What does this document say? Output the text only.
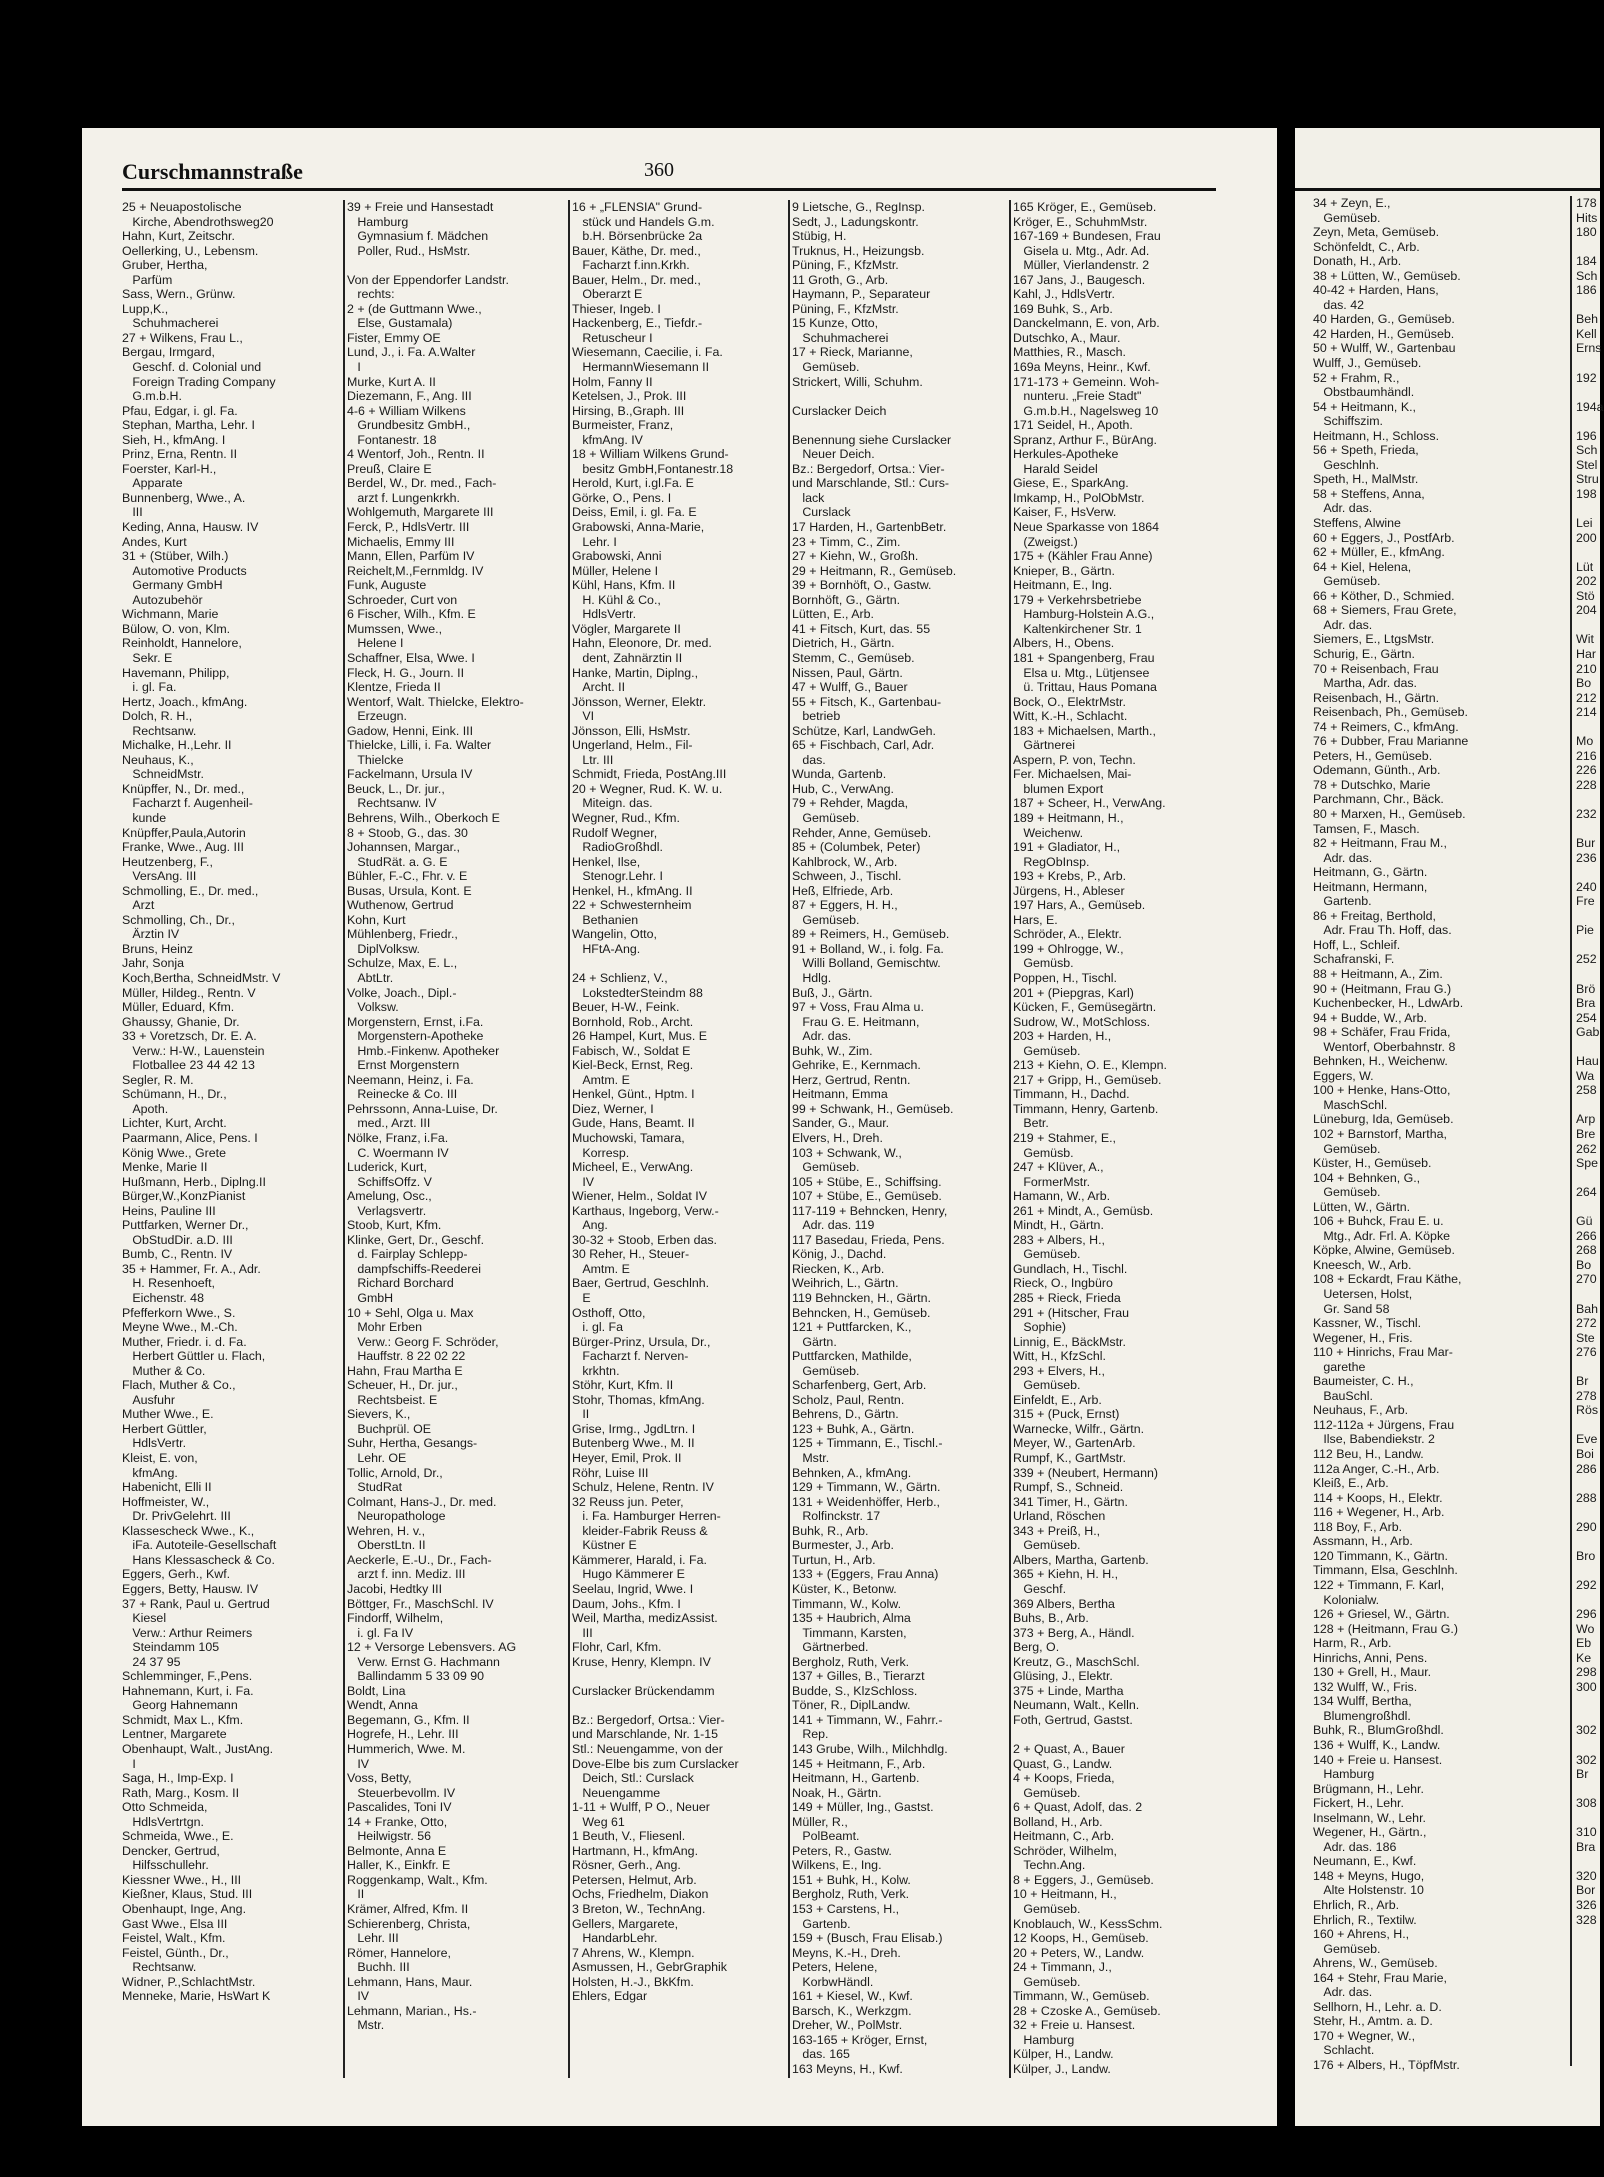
34 + Zeyn, E.,
Gemüseb.
Zeyn, Meta, Gemüseb.
Schönfeldt, C., Arb.
Donath, H., Arb.
38 + Lütten, W., Gemüseb.
40-42 + Harden, Hans,
das. 42
40 Harden, G., Gemüseb.
42 Harden, H., Gemüseb.
50 + Wulff, W., Gartenbau
Wulff, J., Gemüseb.
52 + Frahm, R.,
Obstbaumhändl.
54 + Heitmann, K.,
Schiffszim.
Heitmann, H., Schloss.
56 + Speth, Frieda,
Geschlnh.
Speth, H., MalMstr.
58 + Steffens, Anna,
Adr. das.
Steffens, Alwine
60 + Eggers, J., PostfArb.
62 + Müller, E., kfmAng.
64 + Kiel, Helena,
Gemüseb.
66 + Köther, D., Schmied.
68 + Siemers, Frau Grete,
Adr. das.
Siemers, E., LtgsMstr.
Schurig, E., Gärtn.
70 + Reisenbach, Frau
Martha, Adr. das.
Reisenbach, H., Gärtn.
Reisenbach, Ph., Gemüseb.
74 + Reimers, C., kfmAng.
76 + Dubber, Frau Marianne
Peters, H., Gemüseb.
Odemann, Günth., Arb.
78 + Dutschko, Marie
Parchmann, Chr., Bäck.
80 + Marxen, H., Gemüseb.
Tamsen, F., Masch.
82 + Heitmann, Frau M.,
Adr. das.
Heitmann, G., Gärtn.
Heitmann, Hermann,
Gartenb.
86 + Freitag, Berthold,
Adr. Frau Th. Hoff, das.
Hoff, L., Schleif.
Schafranski, F.
88 + Heitmann, A., Zim.
90 + (Heitmann, Frau G.)
Kuchenbecker, H., LdwArb.
94 + Budde, W., Arb.
98 + Schäfer, Frau Frida,
Wentorf, Oberbahnstr. 8
Behnken, H., Weichenw.
Eggers, W.
100 + Henke, Hans-Otto,
MaschSchl.
Lüneburg, Ida, Gemüseb.
102 + Barnstorf, Martha,
Gemüseb.
Küster, H., Gemüseb.
104 + Behnken, G.,
Gemüseb.
Lütten, W., Gärtn.
106 + Buhck, Frau E. u.
Mtg., Adr. Frl. A. Köpke
Köpke, Alwine, Gemüseb.
Kneesch, W., Arb.
108 + Eckardt, Frau Käthe,
Uetersen, Holst,
Gr. Sand 58
Kassner, W., Tischl.
Wegener, H., Fris.
110 + Hinrichs, Frau Mar-
garethe
Baumeister, C. H.,
BauSchl.
Neuhaus, F., Arb.
112-112a + Jürgens, Frau
Ilse, Babendiekstr. 2
112 Beu, H., Landw.
112a Anger, C.-H., Arb.
Kleiß, E., Arb.
114 + Koops, H., Elektr.
116 + Wegener, H., Arb.
118 Boy, F., Arb.
Assmann, H., Arb.
120 Timmann, K., Gärtn.
Timmann, Elsa, Geschlnh.
122 + Timmann, F. Karl,
Kolonialw.
126 + Griesel, W., Gärtn.
128 + (Heitmann, Frau G.)
Harm, R., Arb.
Hinrichs, Anni, Pens.
130 + Grell, H., Maur.
132 Wulff, W., Fris.
134 Wulff, Bertha,
Blumengroßhdl.
Buhk, R., BlumGroßhdl.
136 + Wulff, K., Landw.
140 + Freie u. Hansest.
Hamburg
Brügmann, H., Lehr.
Fickert, H., Lehr.
Inselmann, W., Lehr.
Wegener, H., Gärtn.,
Adr. das. 186
Neumann, E., Kwf.
148 + Meyns, Hugo,
Alte Holstenstr. 10
Ehrlich, R., Arb.
Ehrlich, R., Textilw.
160 + Ahrens, H.,
Gemüseb.
Ahrens, W., Gemüseb.
164 + Stehr, Frau Marie,
Adr. das.
Sellhorn, H., Lehr. a. D.
Stehr, H., Amtm. a. D.
170 + Wegner, W.,
Schlacht.
176 + Albers, H., TöpfMstr.
178
Hits
180

184
Sch
186

Beh
Kell
Erns

192

194a

196
Sch
Stel
Stru
198

Lei
200

Lüt
202
Stö
204

Wit
Har
210
Bo
212
214

Mo
216
226
228

232

Bur
236

240
Fre

Pie

252

Brö
Bra
254
Gab

Hau
Wa
258

Arp
Bre
262
Spe

264

Gü
266
268
Bo
270

Bah
272
Ste
276

Br
278
Rös

Eve
Boi
286

288

290

Bro

292

296
Wo
Eb
Ke
298
300

302

302
Br

308

310
Bra

320
Bor
326
328
Curschmannstraße	360
25 + Neuapostolische
Kirche, Abendrothsweg20
Hahn, Kurt, Zeitschr.
Oellerking, U., Lebensm.
Gruber, Hertha,
Parfüm
Sass, Wern., Grünw.
Lupp,K.,
Schuhmacherei
27 + Wilkens, Frau L.,
Bergau, Irmgard,
Geschf. d. Colonial und
Foreign Trading Company
G.m.b.H.
Pfau, Edgar, i. gl. Fa.
Stephan, Martha, Lehr. I
Sieh, H., kfmAng. I
Prinz, Erna, Rentn. II
Foerster, Karl-H.,
Apparate
Bunnenberg, Wwe., A.
III
Keding, Anna, Hausw. IV
Andes, Kurt
31 + (Stüber, Wilh.)
Automotive Products
Germany GmbH
Autozubehör
Wichmann, Marie
Bülow, O. von, Klm.
Reinholdt, Hannelore,
Sekr. E
Havemann, Philipp,
i. gl. Fa.
Hertz, Joach., kfmAng.
Dolch, R. H.,
Rechtsanw.
Michalke, H.,Lehr. II
Neuhaus, K.,
SchneidMstr.
Knüpffer, N., Dr. med.,
Facharzt f. Augenheil-
kunde
Knüpffer,Paula,Autorin
Franke, Wwe., Aug. III
Heutzenberg, F.,
VersAng. III
Schmolling, E., Dr. med.,
Arzt
Schmolling, Ch., Dr.,
Ärztin IV
Bruns, Heinz
Jahr, Sonja
Koch,Bertha, SchneidMstr. V
Müller, Hildeg., Rentn. V
Müller, Eduard, Kfm.
Ghaussy, Ghanie, Dr.
33 + Voretzsch, Dr. E. A.
Verw.: H-W., Lauenstein
Flotballee 23 44 42 13
Segler, R. M.
Schümann, H., Dr.,
Apoth.
Lichter, Kurt, Archt.
Paarmann, Alice, Pens. I
König Wwe., Grete
Menke, Marie II
Hußmann, Herb., Diplng.II
Bürger,W.,KonzPianist
Heins, Pauline III
Puttfarken, Werner Dr.,
ObStudDir. a.D. III
Bumb, C., Rentn. IV
35 + Hammer, Fr. A., Adr.
H. Resenhoeft,
Eichenstr. 48
Pfefferkorn Wwe., S.
Meyne Wwe., M.-Ch.
Muther, Friedr. i. d. Fa.
Herbert Güttler u. Flach,
Muther & Co.
Flach, Muther & Co.,
Ausfuhr
Muther Wwe., E.
Herbert Güttler,
HdlsVertr.
Kleist, E. von,
kfmAng.
Habenicht, Elli II
Hoffmeister, W.,
Dr. PrivGelehrt. III
Klassescheck Wwe., K.,
iFa. Autoteile-Gesellschaft
Hans Klessascheck & Co.
Eggers, Gerh., Kwf.
Eggers, Betty, Hausw. IV
37 + Rank, Paul u. Gertrud
Kiesel
Verw.: Arthur Reimers
Steindamm 105
24 37 95
Schlemminger, F.,Pens.
Hahnemann, Kurt, i. Fa.
Georg Hahnemann
Schmidt, Max L., Kfm.
Lentner, Margarete
Obenhaupt, Walt., JustAng.
I
Saga, H., Imp-Exp. I
Rath, Marg., Kosm. II
Otto Schmeida,
HdlsVertrtgn.
Schmeida, Wwe., E.
Dencker, Gertrud,
Hilfsschullehr.
Kiessner Wwe., H., III
Kießner, Klaus, Stud. III
Obenhaupt, Inge, Ang.
Gast Wwe., Elsa III
Feistel, Walt., Kfm.
Feistel, Günth., Dr.,
Rechtsanw.
Widner, P.,SchlachtMstr.
Menneke, Marie, HsWart K
39 + Freie und Hansestadt
Hamburg
Gymnasium f. Mädchen
Poller, Rud., HsMstr.

Von der Eppendorfer Landstr.
rechts:
2 + (de Guttmann Wwe.,
Else, Gustamala)
Fister, Emmy OE
Lund, J., i. Fa. A.Walter
I
Murke, Kurt A. II
Diezemann, F., Ang. III
4-6 + William Wilkens
Grundbesitz GmbH.,
Fontanestr. 18
4 Wentorf, Joh., Rentn. II
Preuß, Claire E
Berdel, W., Dr. med., Fach-
arzt f. Lungenkrkh.
Wohlgemuth, Margarete III
Ferck, P., HdlsVertr. III
Michaelis, Emmy III
Mann, Ellen, Parfüm IV
Reichelt,M.,Fernmldg. IV
Funk, Auguste
Schroeder, Curt von
6 Fischer, Wilh., Kfm. E
Mumssen, Wwe.,
Helene I
Schaffner, Elsa, Wwe. I
Fleck, H. G., Journ. II
Klentze, Frieda II
Wentorf, Walt. Thielcke, Elektro-
Erzeugn.
Gadow, Henni, Eink. III
Thielcke, Lilli, i. Fa. Walter
Thielcke
Fackelmann, Ursula IV
Beuck, L., Dr. jur.,
Rechtsanw. IV
Behrens, Wilh., Oberkoch E
8 + Stoob, G., das. 30
Johannsen, Margar.,
StudRät. a. G. E
Bühler, F.-C., Fhr. v. E
Busas, Ursula, Kont. E
Wuthenow, Gertrud
Kohn, Kurt
Mühlenberg, Friedr.,
DiplVolksw.
Schulze, Max, E. L.,
AbtLtr.
Volke, Joach., Dipl.-
Volksw.
Morgenstern, Ernst, i.Fa.
Morgenstern-Apotheke
Hmb.-Finkenw. Apotheker
Ernst Morgenstern
Neemann, Heinz, i. Fa.
Reinecke & Co. III
Pehrssonn, Anna-Luise, Dr.
med., Arzt. III
Nölke, Franz, i.Fa.
C. Woermann IV
Luderick, Kurt,
SchiffsOffz. V
Amelung, Osc.,
Verlagsvertr.
Stoob, Kurt, Kfm.
Klinke, Gert, Dr., Geschf.
d. Fairplay Schlepp-
dampfschiffs-Reederei
Richard Borchard
GmbH
10 + Sehl, Olga u. Max
Mohr Erben
Verw.: Georg F. Schröder,
Hauffstr. 8 22 02 22
Hahn, Frau Martha E
Scheuer, H., Dr. jur.,
Rechtsbeist. E
Sievers, K.,
Buchprül. OE
Suhr, Hertha, Gesangs-
Lehr. OE
Tollic, Arnold, Dr.,
StudRat
Colmant, Hans-J., Dr. med.
Neuropathologe
Wehren, H. v.,
OberstLtn. II
Aeckerle, E.-U., Dr., Fach-
arzt f. inn. Mediz. III
Jacobi, Hedtky III
Böttger, Fr., MaschSchl. IV
Findorff, Wilhelm,
i. gl. Fa IV
12 + Versorge Lebensvers. AG
Verw. Ernst G. Hachmann
Ballindamm 5 33 09 90
Boldt, Lina
Wendt, Anna
Begemann, G., Kfm. II
Hogrefe, H., Lehr. III
Hummerich, Wwe. M.
IV
Voss, Betty,
Steuerbevollm. IV
Pascalides, Toni IV
14 + Franke, Otto,
Heilwigstr. 56
Belmonte, Anna E
Haller, K., Einkfr. E
Roggenkamp, Walt., Kfm.
II
Krämer, Alfred, Kfm. II
Schierenberg, Christa,
Lehr. III
Römer, Hannelore,
Buchh. III
Lehmann, Hans, Maur.
IV
Lehmann, Marian., Hs.-
Mstr.
16 + „FLENSIA" Grund-
stück und Handels G.m.
b.H. Börsenbrücke 2a
Bauer, Käthe, Dr. med.,
Facharzt f.inn.Krkh.
Bauer, Helm., Dr. med.,
Oberarzt E
Thieser, Ingeb. I
Hackenberg, E., Tiefdr.-
Retuscheur I
Wiesemann, Caecilie, i. Fa.
HermannWiesemann II
Holm, Fanny II
Ketelsen, J., Prok. III
Hirsing, B.,Graph. III
Burmeister, Franz,
kfmAng. IV
18 + William Wilkens Grund-
besitz GmbH,Fontanestr.18
Herold, Kurt, i.gl.Fa. E
Görke, O., Pens. I
Deiss, Emil, i. gl. Fa. E
Grabowski, Anna-Marie,
Lehr. I
Grabowski, Anni
Müller, Helene I
Kühl, Hans, Kfm. II
H. Kühl & Co.,
HdlsVertr.
Vögler, Margarete II
Hahn, Eleonore, Dr. med.
dent, Zahnärztin II
Hanke, Martin, Diplng.,
Archt. II
Jönsson, Werner, Elektr.
VI
Jönsson, Elli, HsMstr.
Ungerland, Helm., Fil-
Ltr. III
Schmidt, Frieda, PostAng.III
20 + Wegner, Rud. K. W. u.
Miteign. das.
Wegner, Rud., Kfm.
Rudolf Wegner,
RadioGroßhdl.
Henkel, Ilse,
Stenogr.Lehr. I
Henkel, H., kfmAng. II
22 + Schwesternheim
Bethanien
Wangelin, Otto,
HFtA-Ang.

24 + Schlienz, V.,
LokstedterSteindm 88
Beuer, H-W., Feink.
Bornhold, Rob., Archt.
26 Hampel, Kurt, Mus. E
Fabisch, W., Soldat E
Kiel-Beck, Ernst, Reg.
Amtm. E
Henkel, Günt., Hptm. I
Diez, Werner, I
Gude, Hans, Beamt. II
Muchowski, Tamara,
Korresp.
Micheel, E., VerwAng.
IV
Wiener, Helm., Soldat IV
Karthaus, Ingeborg, Verw.-
Ang.
30-32 + Stoob, Erben das.
30 Reher, H., Steuer-
Amtm. E
Baer, Gertrud, Geschlnh.
E
Osthoff, Otto,
i. gl. Fa
Bürger-Prinz, Ursula, Dr.,
Facharzt f. Nerven-
krkhtn.
Stöhr, Kurt, Kfm. II
Stohr, Thomas, kfmAng.
II
Grise, Irmg., JgdLtrn. I
Butenberg Wwe., M. II
Heyer, Emil, Prok. II
Röhr, Luise III
Schulz, Helene, Rentn. IV
32 Reuss jun. Peter,
i. Fa. Hamburger Herren-
kleider-Fabrik Reuss &
Küstner E
Kämmerer, Harald, i. Fa.
Hugo Kämmerer E
Seelau, Ingrid, Wwe. I
Daum, Johs., Kfm. I
Weil, Martha, medizAssist.
III
Flohr, Carl, Kfm.
Kruse, Henry, Klempn. IV

Curslacker Brückendamm

Bz.: Bergedorf, Ortsa.: Vier-
und Marschlande, Nr. 1-15
Stl.: Neuengamme, von der
Dove-Elbe bis zum Curslacker
Deich, Stl.: Curslack
Neuengamme
1-11 + Wulff, P O., Neuer
Weg 61
1 Beuth, V., Fliesenl.
Hartmann, H., kfmAng.
Rösner, Gerh., Ang.
Petersen, Helmut, Arb.
Ochs, Friedhelm, Diakon
3 Breton, W., TechnAng.
Gellers, Margarete,
HandarbLehr.
7 Ahrens, W., Klempn.
Asmussen, H., GebrGraphik
Holsten, H.-J., BkKfm.
Ehlers, Edgar
9 Lietsche, G., RegInsp.
Sedt, J., Ladungskontr.
Stübig, H.
Truknus, H., Heizungsb.
Püning, F., KfzMstr.
11 Groth, G., Arb.
Haymann, P., Separateur
Püning, F., KfzMstr.
15 Kunze, Otto,
Schuhmacherei
17 + Rieck, Marianne,
Gemüseb.
Strickert, Willi, Schuhm.

Curslacker Deich

Benennung siehe Curslacker
Neuer Deich.
Bz.: Bergedorf, Ortsa.: Vier-
und Marschlande, Stl.: Curs-
lack
Curslack
17 Harden, H., GartenbBetr.
23 + Timm, C., Zim.
27 + Kiehn, W., Großh.
29 + Heitmann, R., Gemüseb.
39 + Bornhöft, O., Gastw.
Bornhöft, G., Gärtn.
Lütten, E., Arb.
41 + Fitsch, Kurt, das. 55
Dietrich, H., Gärtn.
Stemm, C., Gemüseb.
Nissen, Paul, Gärtn.
47 + Wulff, G., Bauer
55 + Fitsch, K., Gartenbau-
betrieb
Schütze, Karl, LandwGeh.
65 + Fischbach, Carl, Adr.
das.
Wunda, Gartenb.
Hub, C., VerwAng.
79 + Rehder, Magda,
Gemüseb.
Rehder, Anne, Gemüseb.
85 + (Columbek, Peter)
Kahlbrock, W., Arb.
Schween, J., Tischl.
Heß, Elfriede, Arb.
87 + Eggers, H. H.,
Gemüseb.
89 + Reimers, H., Gemüseb.
91 + Bolland, W., i. folg. Fa.
Willi Bolland, Gemischtw.
Hdlg.
Buß, J., Gärtn.
97 + Voss, Frau Alma u.
Frau G. E. Heitmann,
Adr. das.
Buhk, W., Zim.
Gehrike, E., Kernmach.
Herz, Gertrud, Rentn.
Heitmann, Emma
99 + Schwank, H., Gemüseb.
Sander, G., Maur.
Elvers, H., Dreh.
103 + Schwank, W.,
Gemüseb.
105 + Stübe, E., Schiffsing.
107 + Stübe, E., Gemüseb.
117-119 + Behncken, Henry,
Adr. das. 119
117 Basedau, Frieda, Pens.
König, J., Dachd.
Riecken, K., Arb.
Weihrich, L., Gärtn.
119 Behncken, H., Gärtn.
Behncken, H., Gemüseb.
121 + Puttfarcken, K.,
Gärtn.
Puttfarcken, Mathilde,
Gemüseb.
Scharfenberg, Gert, Arb.
Scholz, Paul, Rentn.
Behrens, D., Gärtn.
123 + Buhk, A., Gärtn.
125 + Timmann, E., Tischl.-
Mstr.
Behnken, A., kfmAng.
129 + Timmann, W., Gärtn.
131 + Weidenhöffer, Herb.,
Rolfinckstr. 17
Buhk, R., Arb.
Burmester, J., Arb.
Turtun, H., Arb.
133 + (Eggers, Frau Anna)
Küster, K., Betonw.
Timmann, W., Kolw.
135 + Haubrich, Alma
Timmann, Karsten,
Gärtnerbed.
Bergholz, Ruth, Verk.
137 + Gilles, B., Tierarzt
Budde, S., KlzSchloss.
Töner, R., DiplLandw.
141 + Timmann, W., Fahrr.-
Rep.
143 Grube, Wilh., Milchhdlg.
145 + Heitmann, F., Arb.
Heitmann, H., Gartenb.
Noak, H., Gärtn.
149 + Müller, Ing., Gastst.
Müller, R.,
PolBeamt.
Peters, R., Gastw.
Wilkens, E., Ing.
151 + Buhk, H., Kolw.
Bergholz, Ruth, Verk.
153 + Carstens, H.,
Gartenb.
159 + (Busch, Frau Elisab.)
Meyns, K.-H., Dreh.
Peters, Helene,
KorbwHändl.
161 + Kiesel, W., Kwf.
Barsch, K., Werkzgm.
Dreher, W., PolMstr.
163-165 + Kröger, Ernst,
das. 165
163 Meyns, H., Kwf.
165 Kröger, E., Gemüseb.
Kröger, E., SchuhmMstr.
167-169 + Bundesen, Frau
Gisela u. Mtg., Adr. Ad.
Müller, Vierlandenstr. 2
167 Jans, J., Baugesch.
Kahl, J., HdlsVertr.
169 Buhk, S., Arb.
Danckelmann, E. von, Arb.
Dutschko, A., Maur.
Matthies, R., Masch.
169a Meyns, Heinr., Kwf.
171-173 + Gemeinn. Woh-
nunteru. „Freie Stadt"
G.m.b.H., Nagelsweg 10
171 Seidel, H., Apoth.
Spranz, Arthur F., BürAng.
Herkules-Apotheke
Harald Seidel
Giese, E., SparkAng.
Imkamp, H., PolObMstr.
Kaiser, F., HsVerw.
Neue Sparkasse von 1864
(Zweigst.)
175 + (Kähler Frau Anne)
Knieper, B., Gärtn.
Heitmann, E., Ing.
179 + Verkehrsbetriebe
Hamburg-Holstein A.G.,
Kaltenkirchener Str. 1
Albers, H., Obens.
181 + Spangenberg, Frau
Elsa u. Mtg., Lütjensee
ü. Trittau, Haus Pomana
Bock, O., ElektrMstr.
Witt, K.-H., Schlacht.
183 + Michaelsen, Marth.,
Gärtnerei
Aspern, P. von, Techn.
Fer. Michaelsen, Mai-
blumen Export
187 + Scheer, H., VerwAng.
189 + Heitmann, H.,
Weichenw.
191 + Gladiator, H.,
RegObInsp.
193 + Krebs, P., Arb.
Jürgens, H., Ableser
197 Hars, A., Gemüseb.
Hars, E.
Schröder, A., Elektr.
199 + Ohlrogge, W.,
Gemüsb.
Poppen, H., Tischl.
201 + (Piepgras, Karl)
Kücken, F., Gemüsegärtn.
Sudrow, W., MotSchloss.
203 + Harden, H.,
Gemüseb.
213 + Kiehn, O. E., Klempn.
217 + Gripp, H., Gemüseb.
Timmann, H., Dachd.
Timmann, Henry, Gartenb.
Betr.
219 + Stahmer, E.,
Gemüsb.
247 + Klüver, A.,
FormerMstr.
Hamann, W., Arb.
261 + Mindt, A., Gemüsb.
Mindt, H., Gärtn.
283 + Albers, H.,
Gemüseb.
Gundlach, H., Tischl.
Rieck, O., Ingbüro
285 + Rieck, Frieda
291 + (Hitscher, Frau
Sophie)
Linnig, E., BäckMstr.
Witt, H., KfzSchl.
293 + Elvers, H.,
Gemüseb.
Einfeldt, E., Arb.
315 + (Puck, Ernst)
Warnecke, Wilfr., Gärtn.
Meyer, W., GartenArb.
Rumpf, K., GartMstr.
339 + (Neubert, Hermann)
Rumpf, S., Schneid.
341 Timer, H., Gärtn.
Urland, Röschen
343 + Preiß, H.,
Gemüseb.
Albers, Martha, Gartenb.
365 + Kiehn, H. H.,
Geschf.
369 Albers, Bertha
Buhs, B., Arb.
373 + Berg, A., Händl.
Berg, O.
Kreutz, G., MaschSchl.
Glüsing, J., Elektr.
375 + Linde, Martha
Neumann, Walt., Kelln.
Foth, Gertrud, Gastst.

2 + Quast, A., Bauer
Quast, G., Landw.
4 + Koops, Frieda,
Gemüseb.
6 + Quast, Adolf, das. 2
Bolland, H., Arb.
Heitmann, C., Arb.
Schröder, Wilhelm,
Techn.Ang.
8 + Eggers, J., Gemüseb.
10 + Heitmann, H.,
Gemüseb.
Knoblauch, W., KessSchm.
12 Koops, H., Gemüseb.
20 + Peters, W., Landw.
24 + Timmann, J.,
Gemüseb.
Timmann, W., Gemüseb.
28 + Czoske A., Gemüseb.
32 + Freie u. Hansest.
Hamburg
Külper, H., Landw.
Külper, J., Landw.
